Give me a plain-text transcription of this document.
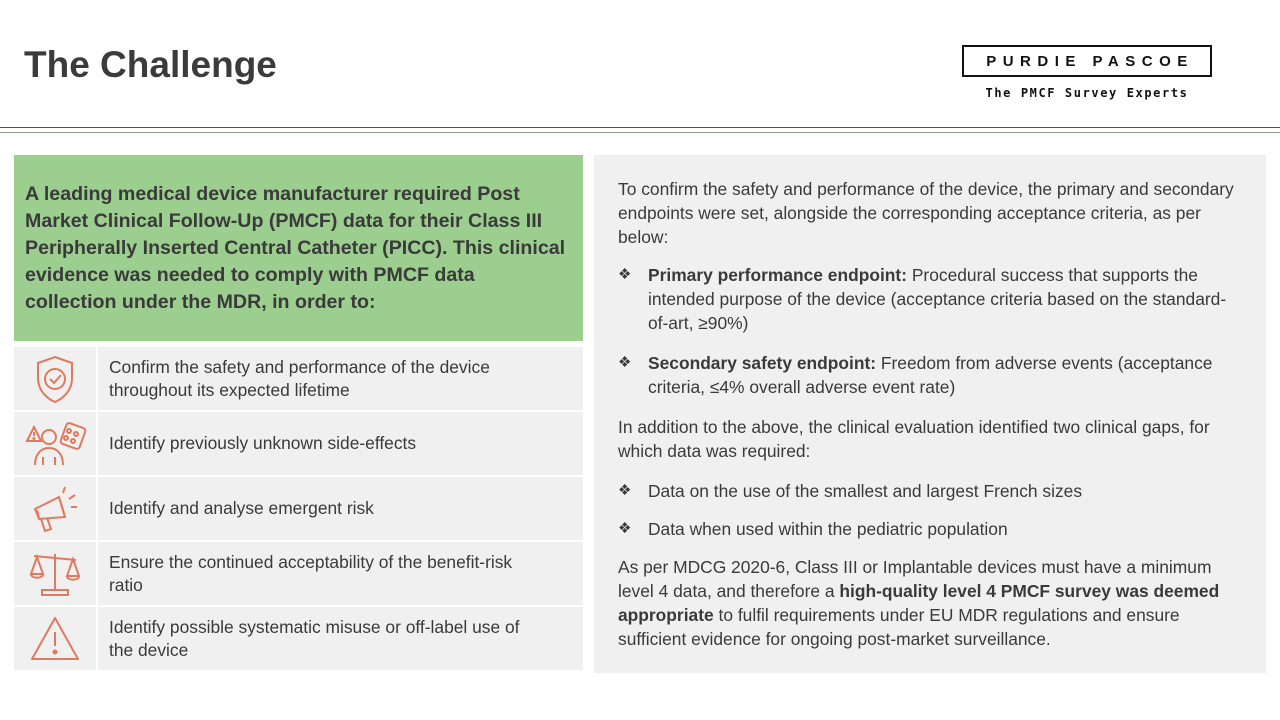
The Challenge	PURDIE PASCOE
The PMCF Survey Experts
A leading medical device manufacturer required Post Market Clinical Follow-Up (PMCF) data for their Class III Peripherally Inserted Central Catheter (PICC). This clinical evidence was needed to comply with PMCF data collection under the MDR, in order to:
Confirm the safety and performance of the device throughout its expected lifetime
Identify previously unknown side-effects
Identify and analyse emergent risk
Ensure the continued acceptability of the benefit-risk ratio
Identify possible systematic misuse or off-label use of the device

To confirm the safety and performance of the device, the primary and secondary endpoints were set, alongside the corresponding acceptance criteria, as per below:

❖ Primary performance endpoint: Procedural success that supports the intended purpose of the device (acceptance criteria based on the standard-of-art, ≥90%)
❖ Secondary safety endpoint: Freedom from adverse events (acceptance criteria, ≤4% overall adverse event rate)

In addition to the above, the clinical evaluation identified two clinical gaps, for which data was required:

❖ Data on the use of the smallest and largest French sizes
❖ Data when used within the pediatric population

As per MDCG 2020-6, Class III or Implantable devices must have a minimum level 4 data, and therefore a high-quality level 4 PMCF survey was deemed appropriate to fulfil requirements under EU MDR regulations and ensure sufficient evidence for ongoing post-market surveillance.
